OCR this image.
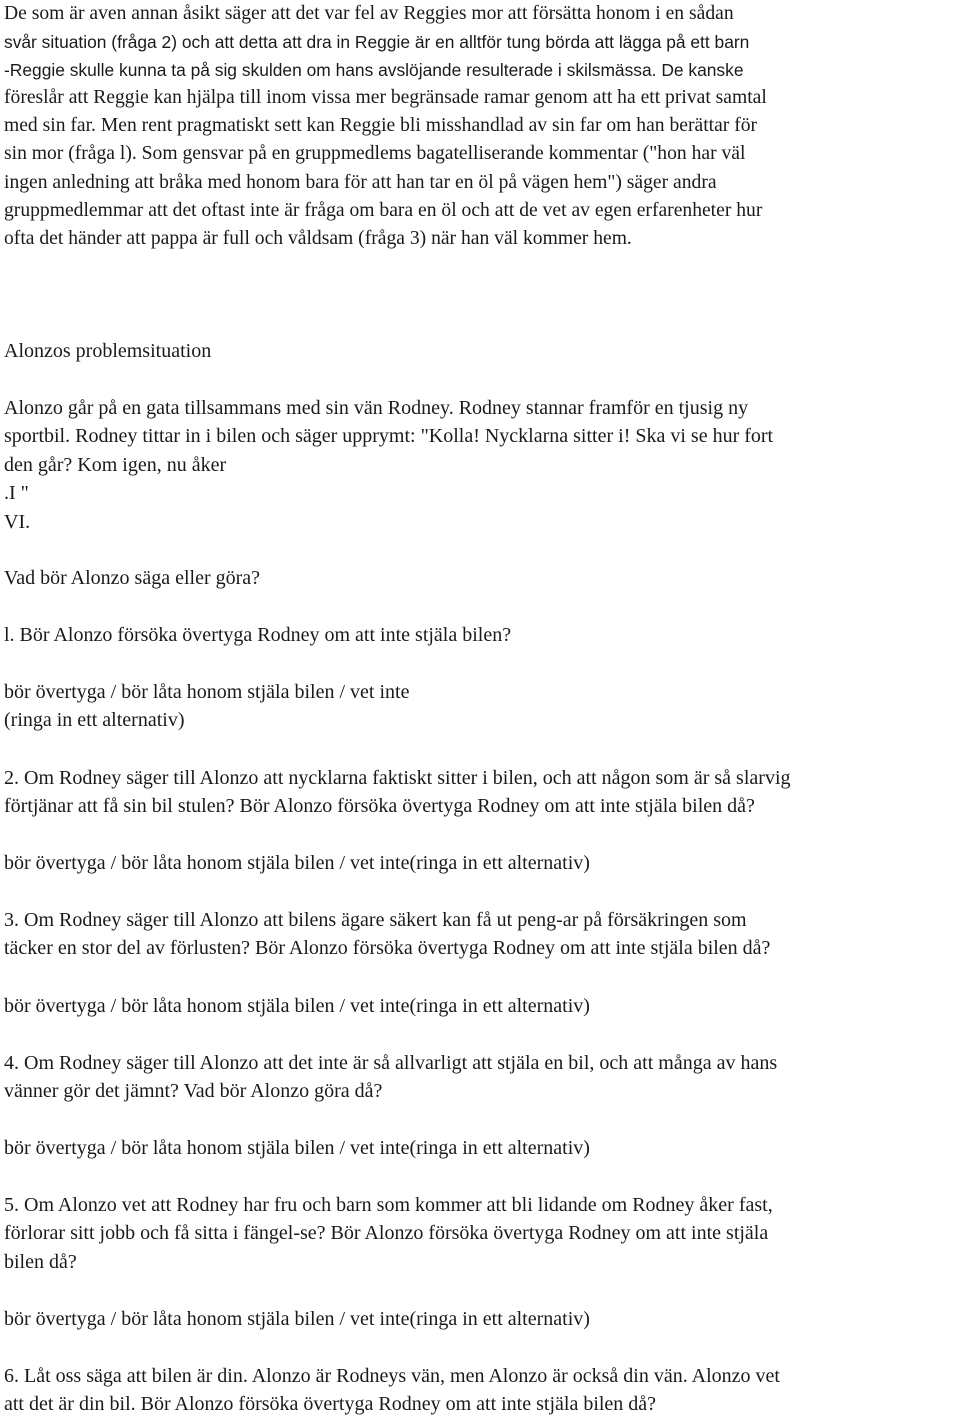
De som är aven annan åsikt säger att det var fel av Reggies mor att försätta honom i en sådan
svår situation (fråga 2) och att detta att dra in Reggie är en alltför tung börda att lägga på ett barn
-Reggie skulle kunna ta på sig skulden om hans avslöjande resulterade i skilsmässa. De kanske
föreslår att Reggie kan hjälpa till inom vissa mer begränsade ramar genom att ha ett privat samtal
med sin far. Men rent pragmatiskt sett kan Reggie bli misshandlad av sin far om han berättar för
sin mor (fråga l). Som gensvar på en gruppmedlems bagatelliserande kommentar ("hon har väl
ingen anledning att bråka med honom bara för att han tar en öl på vägen hem") säger andra
gruppmedlemmar att det oftast inte är fråga om bara en öl och att de vet av egen erfarenheter hur
ofta det händer att pappa är full och våldsam (fråga 3) när han väl kommer hem.
Alonzos problemsituation
Alonzo går på en gata tillsammans med sin vän Rodney. Rodney stannar framför en tjusig ny
sportbil. Rodney tittar in i bilen och säger upprymt: "Kolla! Nycklarna sitter i! Ska vi se hur fort
den går? Kom igen, nu åker
.I "
VI.
Vad bör Alonzo säga eller göra?
l. Bör Alonzo försöka övertyga Rodney om att inte stjäla bilen?
bör övertyga / bör låta honom stjäla bilen / vet inte
(ringa in ett alternativ)
2. Om Rodney säger till Alonzo att nycklarna faktiskt sitter i bilen, och att någon som är så slarvig
förtjänar att få sin bil stulen? Bör Alonzo försöka övertyga Rodney om att inte stjäla bilen då?
bör övertyga / bör låta honom stjäla bilen / vet inte(ringa in ett alternativ)
3. Om Rodney säger till Alonzo att bilens ägare säkert kan få ut peng-ar på försäkringen som
täcker en stor del av förlusten? Bör Alonzo försöka övertyga Rodney om att inte stjäla bilen då?
bör övertyga / bör låta honom stjäla bilen / vet inte(ringa in ett alternativ)
4. Om Rodney säger till Alonzo att det inte är så allvarligt att stjäla en bil, och att många av hans
vänner gör det jämnt? Vad bör Alonzo göra då?
bör övertyga / bör låta honom stjäla bilen / vet inte(ringa in ett alternativ)
5. Om Alonzo vet att Rodney har fru och barn som kommer att bli lidande om Rodney åker fast,
förlorar sitt jobb och få sitta i fängel-se? Bör Alonzo försöka övertyga Rodney om att inte stjäla
bilen då?
bör övertyga / bör låta honom stjäla bilen / vet inte(ringa in ett alternativ)
6. Låt oss säga att bilen är din. Alonzo är Rodneys vän, men Alonzo är också din vän. Alonzo vet
att det är din bil. Bör Alonzo försöka övertyga Rodney om att inte stjäla bilen då?
